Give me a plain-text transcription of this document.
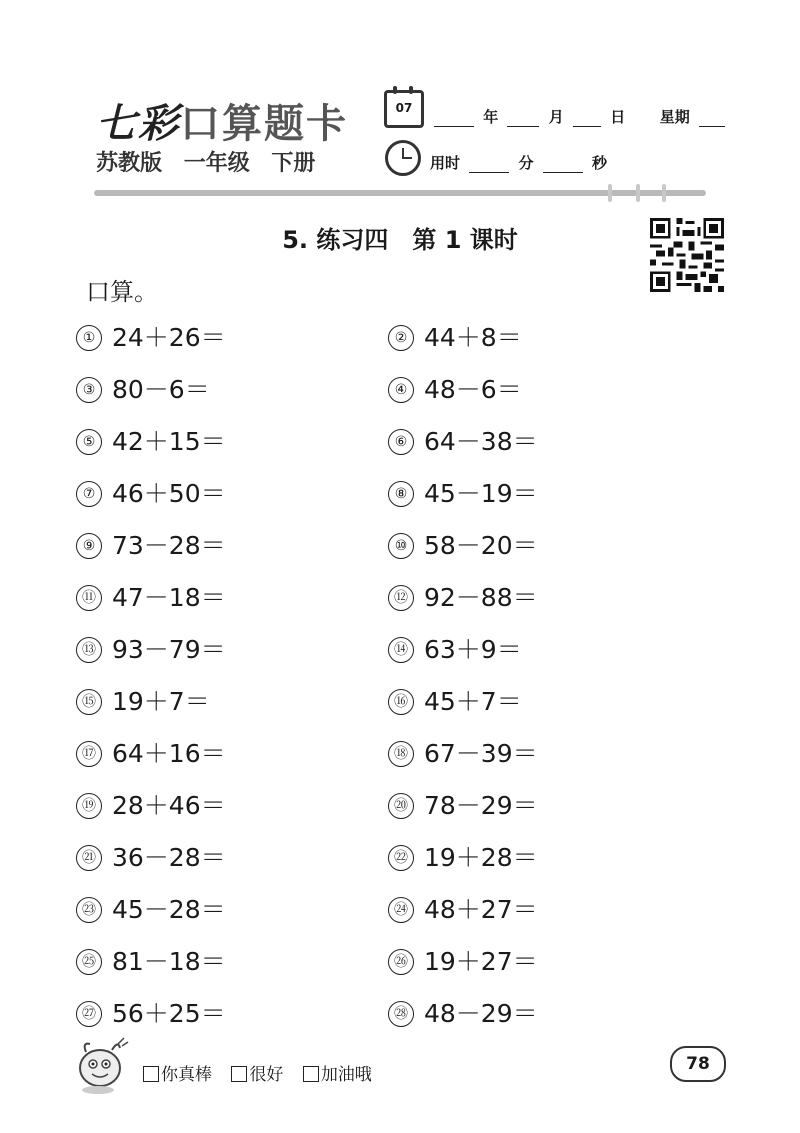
七彩口算题卡
苏教版 一年级 下册
07	年	月	日 星期
用时	分	秒
5. 练习四　第 1 课时
口算。
① 24＋26＝	② 44＋8＝
③ 80－6＝	④ 48－6＝
⑤ 42＋15＝	⑥ 64－38＝
⑦ 46＋50＝	⑧ 45－19＝
⑨ 73－28＝	⑩ 58－20＝
⑪ 47－18＝	⑫ 92－88＝
⑬ 93－79＝	⑭ 63＋9＝
⑮ 19＋7＝	⑯ 45＋7＝
⑰ 64＋16＝	⑱ 67－39＝
⑲ 28＋46＝	⑳ 78－29＝
㉑ 36－28＝	㉒ 19＋28＝
㉓ 45－28＝	㉔ 48＋27＝
㉕ 81－18＝	㉖ 19＋27＝
㉗ 56＋25＝	㉘ 48－29＝
你真棒 很好 加油哦
78
